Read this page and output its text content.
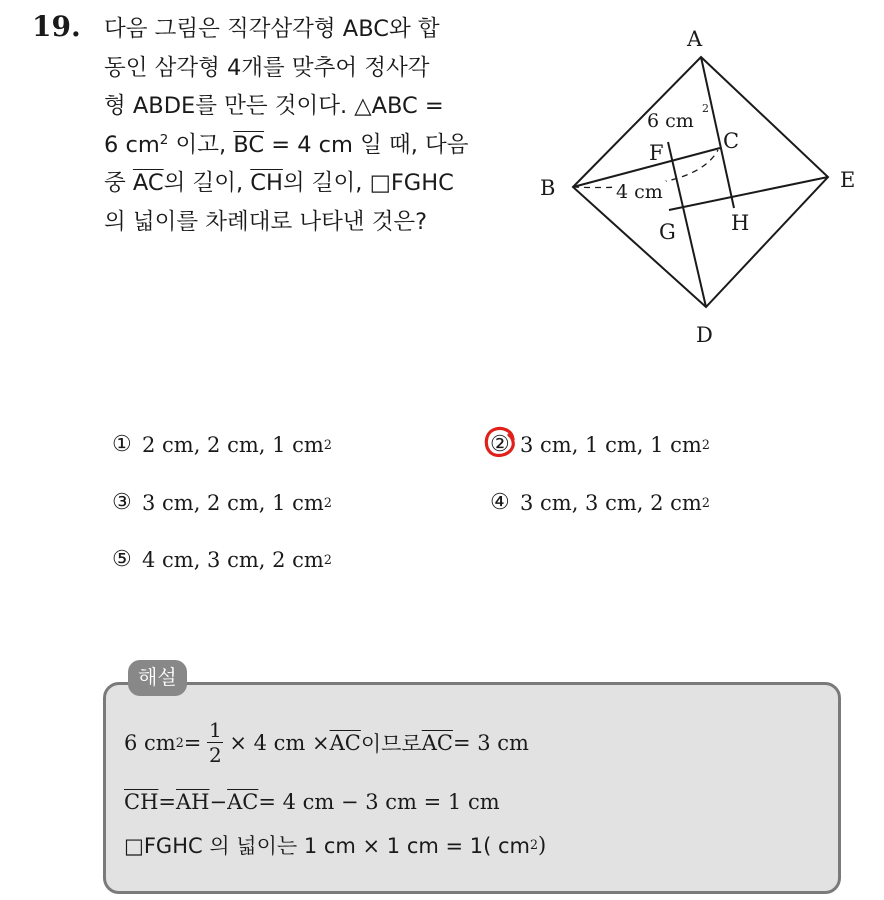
19. 다음 그림은 직각삼각형 ABC와 합
동인 삼각형 4개를 맞추어 정사각
형 ABDE를 만든 것이다. △ABC =
6 $cm^2$ 이고, $\overline{BC} = 4$ cm 일 때, 다음
중 $\overline{AC}$의 길이, $\overline{CH}$의 길이, □FGHC
의 넓이를 차례대로 나타낸 것은?
A
B
C
D
E
F
G	H
6 cm
2
4 cm
① 2 cm, 2 cm, 1 cm 2	② 3 cm, 1 cm, 1 cm 2
③ 3 cm, 2 cm, 1 cm 2	④ 3 cm, 3 cm, 2 cm 2
⑤ 4 cm, 3 cm, 2 cm 2
해설
6 cm $2 = \frac{1}{2} \times 4$ cm × $\overline{AC}$ 이므로 $\overline{AC} = 3$ cm
$\overline{CH} = \overline{AH} - \overline{AC} = 4$ cm − 3 cm = 1 cm
□FGHC 의 넓이는 1 cm × 1 cm = 1( cm 2 )
